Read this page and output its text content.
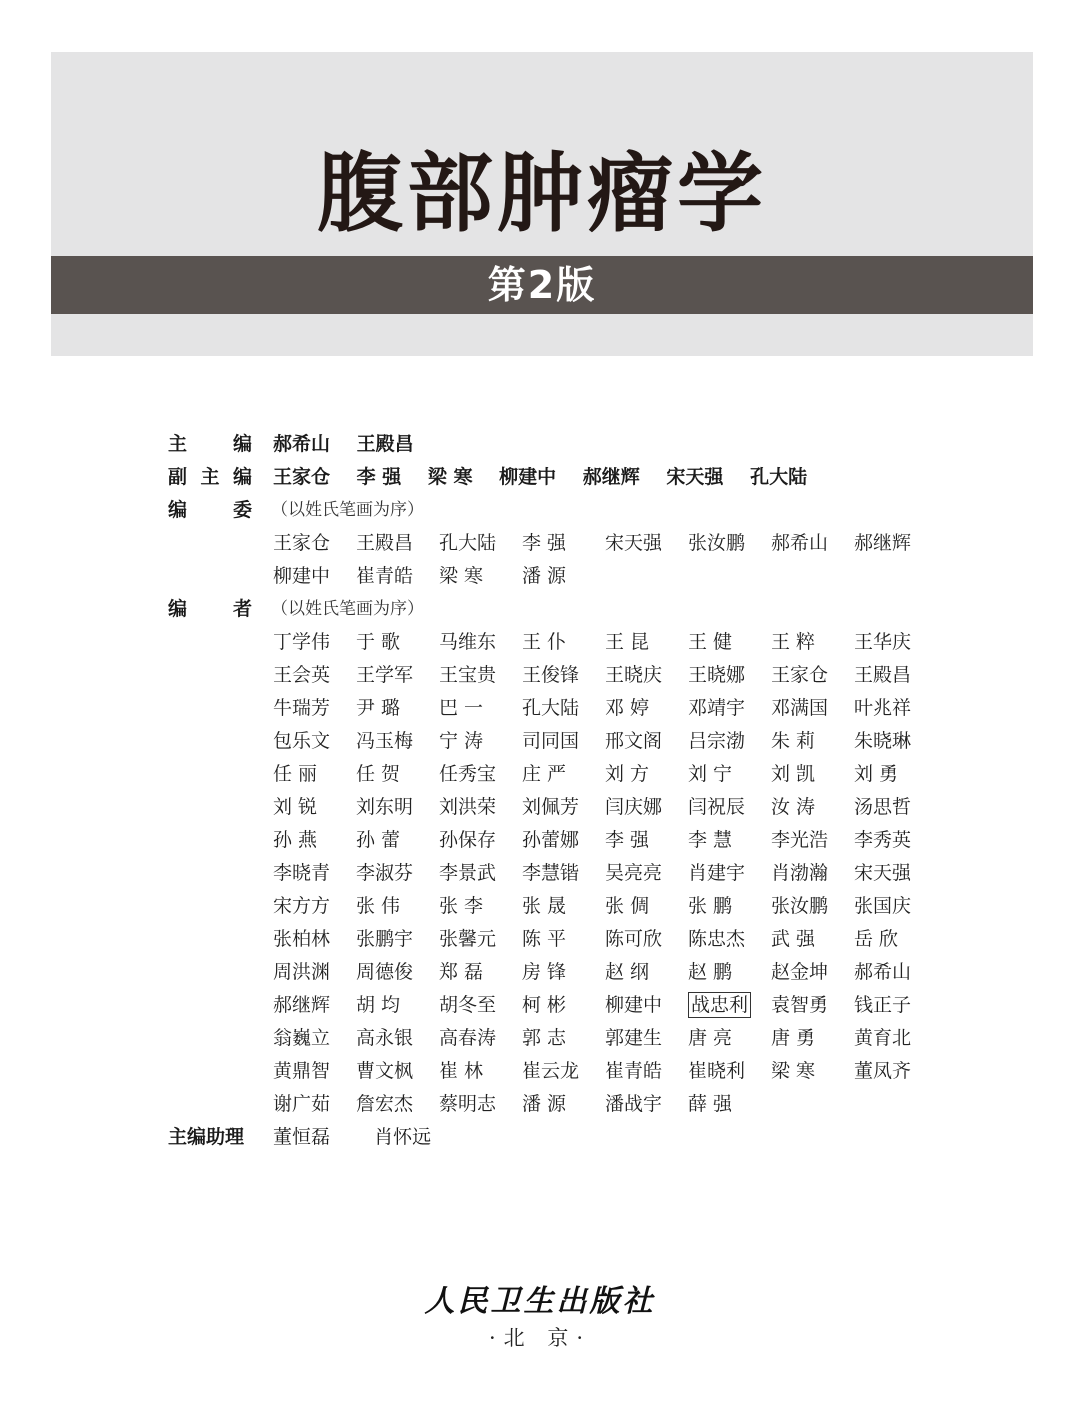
腹部肿瘤学
第2版
主 编 郝希山 王殿昌
副 主 编 王家仓 李 强 梁 寒 柳建中 郝继辉 宋天强 孔大陆
编 委 （以姓氏笔画为序）
王家仓	王殿昌	孔大陆	李 强	宋天强	张汝鹏	郝希山	郝继辉
柳建中	崔青皓	梁 寒	潘 源
编 者 （以姓氏笔画为序）
丁学伟	于 歌	马维东	王 仆	王 昆	王 健	王 粹	王华庆
王会英	王学军	王宝贵	王俊锋	王晓庆	王晓娜	王家仓	王殿昌
牛瑞芳	尹 璐	巴 一	孔大陆	邓 婷	邓靖宇	邓满国	叶兆祥
包乐文	冯玉梅	宁 涛	司同国	邢文阁	吕宗渤	朱 莉	朱晓琳
任 丽	任 贺	任秀宝	庄 严	刘 方	刘 宁	刘 凯	刘 勇
刘 锐	刘东明	刘洪荣	刘佩芳	闫庆娜	闫祝辰	汝 涛	汤思哲
孙 燕	孙 蕾	孙保存	孙蕾娜	李 强	李 慧	李光浩	李秀英
李晓青	李淑芬	李景武	李慧锴	吴亮亮	肖建宇	肖渤瀚	宋天强
宋方方	张 伟	张 李	张 晟	张 倜	张 鹏	张汝鹏	张国庆
张柏林	张鹏宇	张馨元	陈 平	陈可欣	陈忠杰	武 强	岳 欣
周洪渊	周德俊	郑 磊	房 锋	赵 纲	赵 鹏	赵金坤	郝希山
郝继辉	胡 均	胡冬至	柯 彬	柳建中	战忠利	袁智勇	钱正子
翁巍立	高永银	高春涛	郭 志	郭建生	唐 亮	唐 勇	黄育北
黄鼎智	曹文枫	崔 林	崔云龙	崔青皓	崔晓利	梁 寒	董凤齐
谢广茹	詹宏杰	蔡明志	潘 源	潘战宇	薛 强
主编助理	董恒磊 肖怀远
人民卫生出版社
·北 京·
